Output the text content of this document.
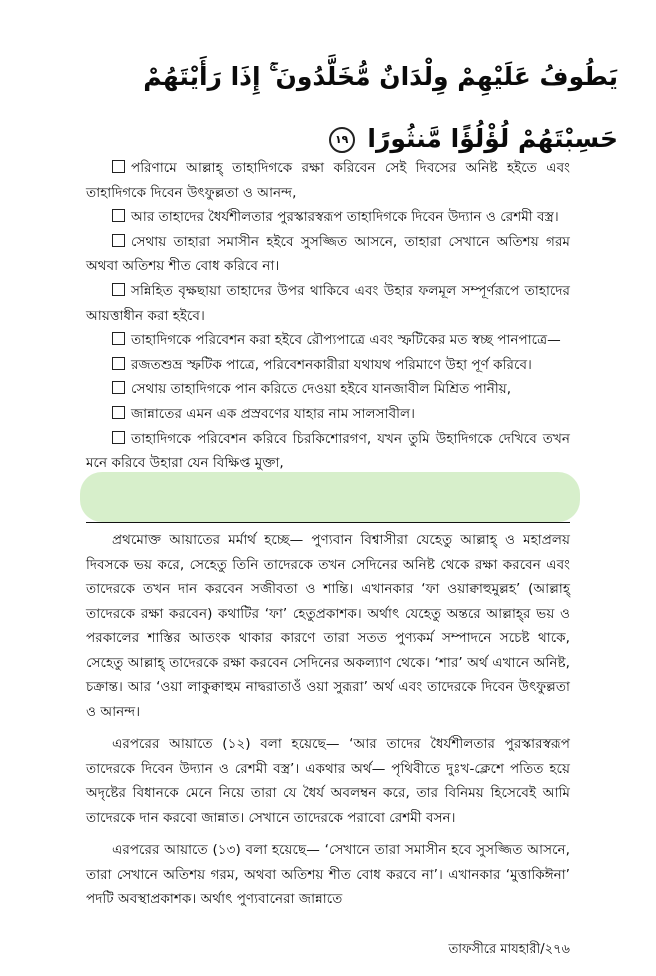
يَطُوفُ عَلَيْهِمْ وِلْدَانٌ مُّخَلَّدُونَ ۚ إِذَا رَأَيْتَهُمْ حَسِبْتَهُمْ لُؤْلُؤًا مَّنثُورًا ١٩
পরিণামে আল্লাহ্ তাহাদিগকে রক্ষা করিবেন সেই দিবসের অনিষ্ট হইতে এবং তাহাদিগকে দিবেন উৎফুল্লতা ও আনন্দ,
আর তাহাদের ধৈর্যশীলতার পুরস্কারস্বরূপ তাহাদিগকে দিবেন উদ্যান ও রেশমী বস্ত্র।
সেথায় তাহারা সমাসীন হইবে সুসজ্জিত আসনে, তাহারা সেখানে অতিশয় গরম অথবা অতিশয় শীত বোধ করিবে না।
সন্নিহিত বৃক্ষছায়া তাহাদের উপর থাকিবে এবং উহার ফলমূল সম্পূর্ণরূপে তাহাদের আয়ত্তাধীন করা হইবে।
তাহাদিগকে পরিবেশন করা হইবে রৌপ্যপাত্রে এবং স্ফটিকের মত স্বচ্ছ পানপাত্রে—
রজতশুভ্র স্ফটিক পাত্রে, পরিবেশনকারীরা যথাযথ পরিমাণে উহা পূর্ণ করিবে।
সেথায় তাহাদিগকে পান করিতে দেওয়া হইবে যানজাবীল মিশ্রিত পানীয়,
জান্নাতের এমন এক প্রস্রবণের যাহার নাম সালসাবীল।
তাহাদিগকে পরিবেশন করিবে চিরকিশোরগণ, যখন তুমি উহাদিগকে দেখিবে তখন মনে করিবে উহারা যেন বিক্ষিপ্ত মুক্তা,

প্রথমোক্ত আয়াতের মর্মার্থ হচ্ছে— পুণ্যবান বিশ্বাসীরা যেহেতু আল্লাহ্ ও মহাপ্রলয় দিবসকে ভয় করে, সেহেতু তিনি তাদেরকে তখন সেদিনের অনিষ্ট থেকে রক্ষা করবেন এবং তাদেরকে তখন দান করবেন সজীবতা ও শান্তি। এখানকার ‘ফা ওয়াক্বাহুমুল্লহ’ (আল্লাহ্ তাদেরকে রক্ষা করবেন) কথাটির ‘ফা’ হেতুপ্রকাশক। অর্থাৎ যেহেতু অন্তরে আল্লাহ্‌র ভয় ও পরকালের শাস্তির আতংক থাকার কারণে তারা সতত পুণ্যকর্ম সম্পাদনে সচেষ্ট থাকে, সেহেতু আল্লাহ্ তাদেরকে রক্ষা করবেন সেদিনের অকল্যাণ থেকে। ‘শার’ অর্থ এখানে অনিষ্ট, চক্রান্ত। আর ‘ওয়া লাকুক্বাহুম নাদ্বরাতাওঁ ওয়া সুরূরা’ অর্থ এবং তাদেরকে দিবেন উৎফুল্লতা ও আনন্দ।

এরপরের আয়াতে (১২) বলা হয়েছে— ‘আর তাদের ধৈর্যশীলতার পুরস্কারস্বরূপ তাদেরকে দিবেন উদ্যান ও রেশমী বস্ত্র’। একথার অর্থ— পৃথিবীতে দুঃখ-ক্লেশে পতিত হয়ে অদৃষ্টের বিধানকে মেনে নিয়ে তারা যে ধৈর্য অবলম্বন করে, তার বিনিময় হিসেবেই আমি তাদেরকে দান করবো জান্নাত। সেখানে তাদেরকে পরাবো রেশমী বসন।

এরপরের আয়াতে (১৩) বলা হয়েছে— ‘সেখানে তারা সমাসীন হবে সুসজ্জিত আসনে, তারা সেখানে অতিশয় গরম, অথবা অতিশয় শীত বোধ করবে না’। এখানকার ‘মুত্তাকিঈনা’ পদটি অবস্থাপ্রকাশক। অর্থাৎ পুণ্যবানেরা জান্নাতে

তাফসীরে মাযহারী/২৭৬
